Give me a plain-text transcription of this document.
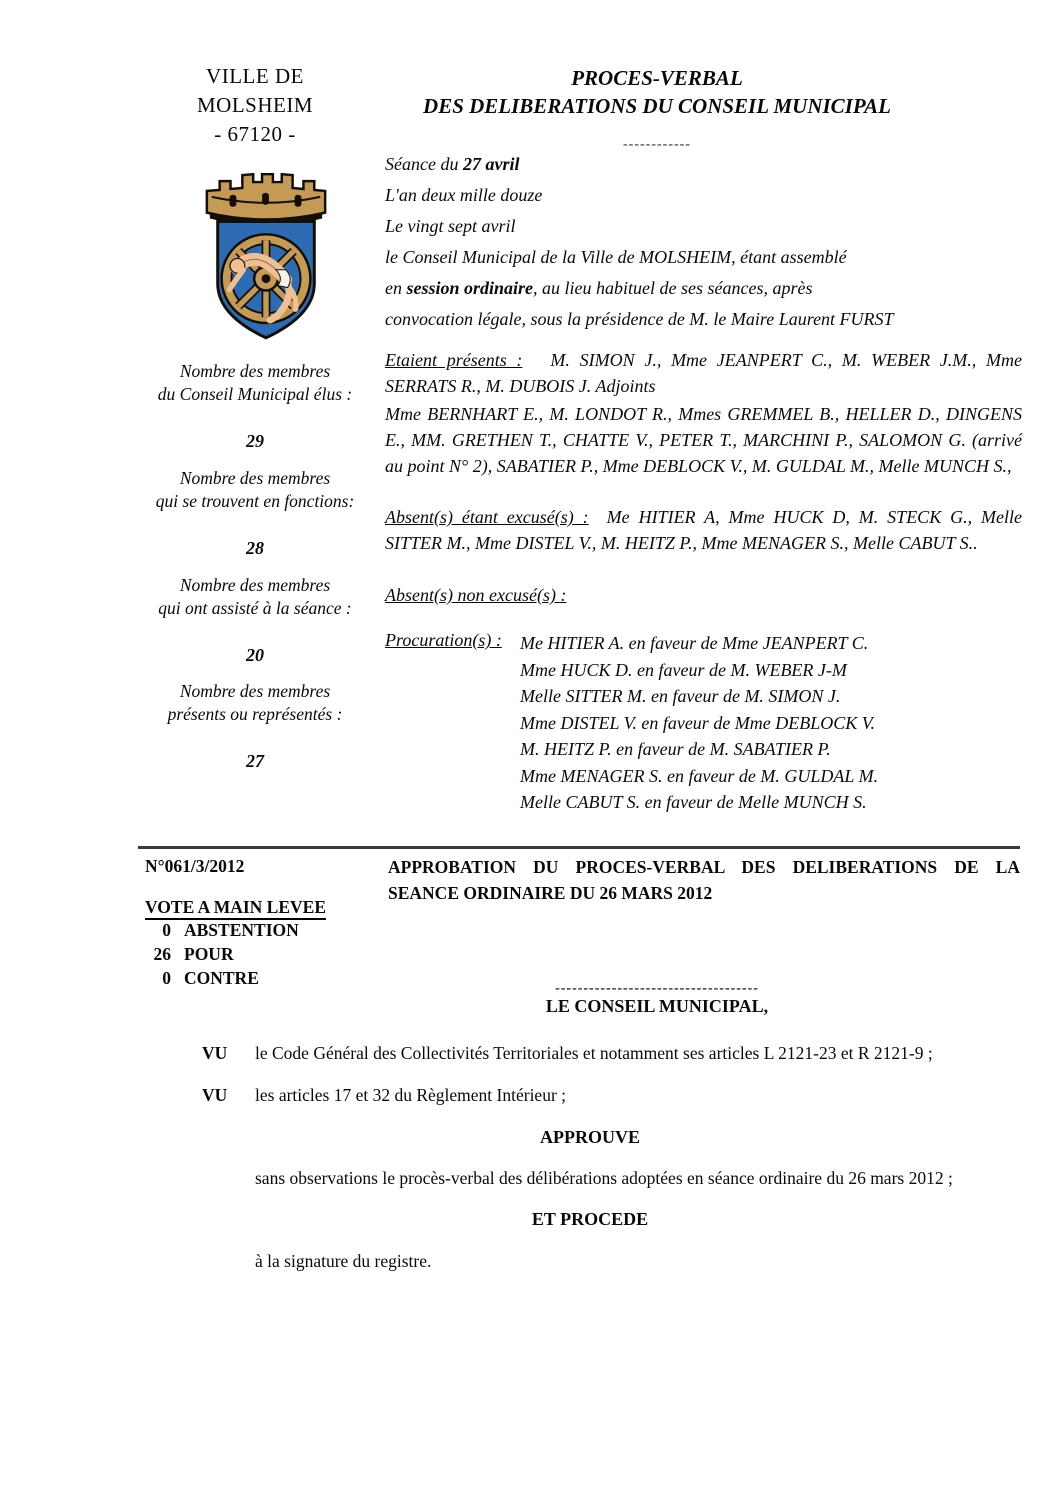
VILLE DE
MOLSHEIM
- 67120 -
PROCES-VERBAL
DES DELIBERATIONS DU CONSEIL MUNICIPAL
------------
Séance du 27 avril
L'an deux mille douze
Le vingt sept avril
le Conseil Municipal de la Ville de MOLSHEIM, étant assemblé
en session ordinaire, au lieu habituel de ses séances, après
convocation légale, sous la présidence de M. le Maire Laurent FURST
Nombre des membres
du Conseil Municipal élus :
29
Nombre des membres
qui se trouvent en fonctions:
28
Nombre des membres
qui ont assisté à la séance :
20
Nombre des membres
présents ou représentés :
27
Etaient présents : M. SIMON J., Mme JEANPERT C., M. WEBER J.M., Mme SERRATS R., M. DUBOIS J. Adjoints
Mme BERNHART E., M. LONDOT R., Mmes GREMMEL B., HELLER D., DINGENS E., MM. GRETHEN T., CHATTE V., PETER T., MARCHINI P., SALOMON G. (arrivé au point N° 2), SABATIER P., Mme DEBLOCK V., M. GULDAL M., Melle MUNCH S.,
Absent(s) étant excusé(s) : Me HITIER A, Mme HUCK D, M. STECK G., Melle SITTER M., Mme DISTEL V., M. HEITZ P., Mme MENAGER S., Melle CABUT S..
Absent(s) non excusé(s) :
Procuration(s) : Me HITIER A. en faveur de Mme JEANPERT C.
Mme HUCK D. en faveur de M. WEBER J-M
Melle SITTER M. en faveur de M. SIMON J.
Mme DISTEL V. en faveur de Mme DEBLOCK V.
M. HEITZ P. en faveur de M. SABATIER P.
Mme MENAGER S. en faveur de M. GULDAL M.
Melle CABUT S. en faveur de Melle MUNCH S.
N°061/3/2012	APPROBATION DU PROCES-VERBAL DES DELIBERATIONS DE LA
SEANCE ORDINAIRE DU 26 MARS 2012
VOTE A MAIN LEVEE
0 ABSTENTION
26 POUR
0 CONTRE
------------------------------------
LE CONSEIL MUNICIPAL,
VU le Code Général des Collectivités Territoriales et notamment ses articles L 2121-23 et R 2121-9 ;
VU les articles 17 et 32 du Règlement Intérieur ;
APPROUVE
sans observations le procès-verbal des délibérations adoptées en séance ordinaire du 26 mars 2012 ;
ET PROCEDE
à la signature du registre.
